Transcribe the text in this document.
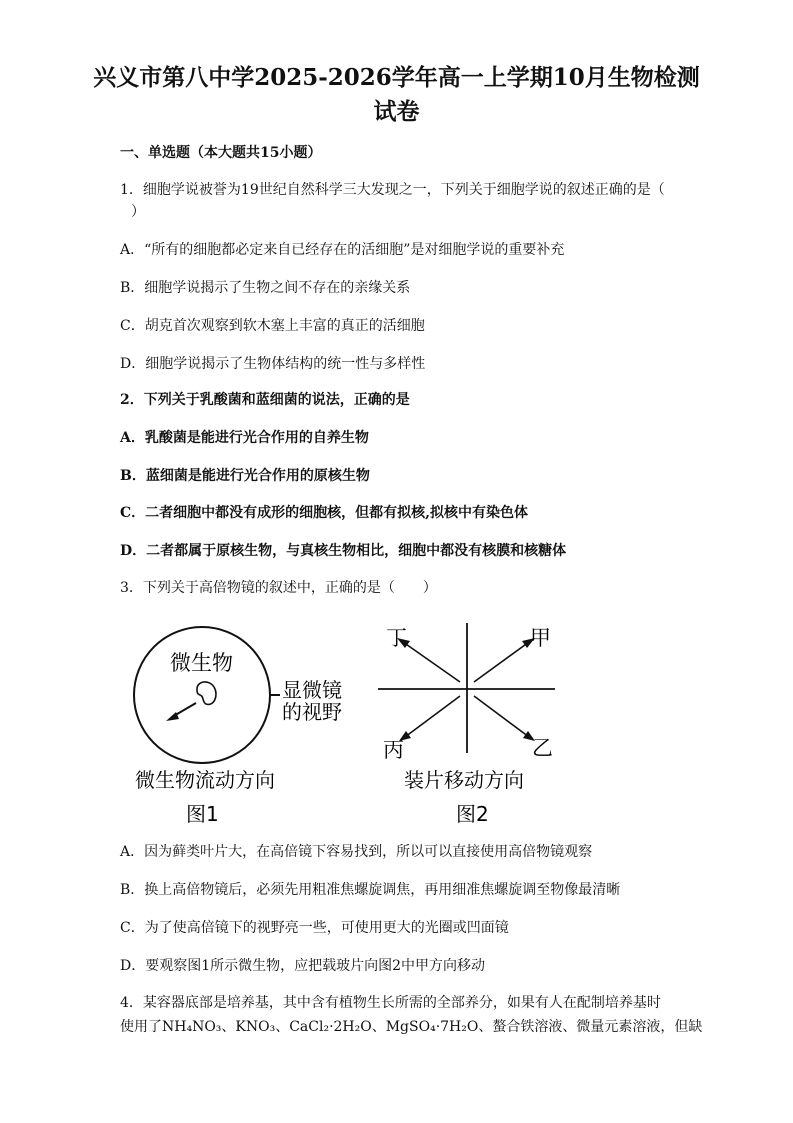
兴义市第八中学2025-2026学年高一上学期10月生物检测
试卷
一、单选题（本大题共15小题）
1．细胞学说被誉为19世纪自然科学三大发现之一，下列关于细胞学说的叙述正确的是（
）
A．“所有的细胞都必定来自已经存在的活细胞”是对细胞学说的重要补充
B．细胞学说揭示了生物之间不存在的亲缘关系
C．胡克首次观察到软木塞上丰富的真正的活细胞
D．细胞学说揭示了生物体结构的统一性与多样性
2．下列关于乳酸菌和蓝细菌的说法，正确的是
A．乳酸菌是能进行光合作用的自养生物
B．蓝细菌是能进行光合作用的原核生物
C．二者细胞中都没有成形的细胞核，但都有拟核,拟核中有染色体
D．二者都属于原核生物，与真核生物相比，细胞中都没有核膜和核糖体
3．下列关于高倍物镜的叙述中，正确的是（　　）
微生物
显微镜
的视野
微生物流动方向
图1
丁	甲
丙	乙
装片移动方向
图2
A．因为藓类叶片大，在高倍镜下容易找到，所以可以直接使用高倍物镜观察
B．换上高倍物镜后，必须先用粗准焦螺旋调焦，再用细准焦螺旋调至物像最清晰
C．为了使高倍镜下的视野亮一些，可使用更大的光圈或凹面镜
D．要观察图1所示微生物，应把载玻片向图2中甲方向移动
4．某容器底部是培养基，其中含有植物生长所需的全部养分，如果有人在配制培养基时
使用了NH₄NO₃、KNO₃、CaCl₂·2H₂O、MgSO₄·7H₂O、螯合铁溶液、微量元素溶液，但缺
